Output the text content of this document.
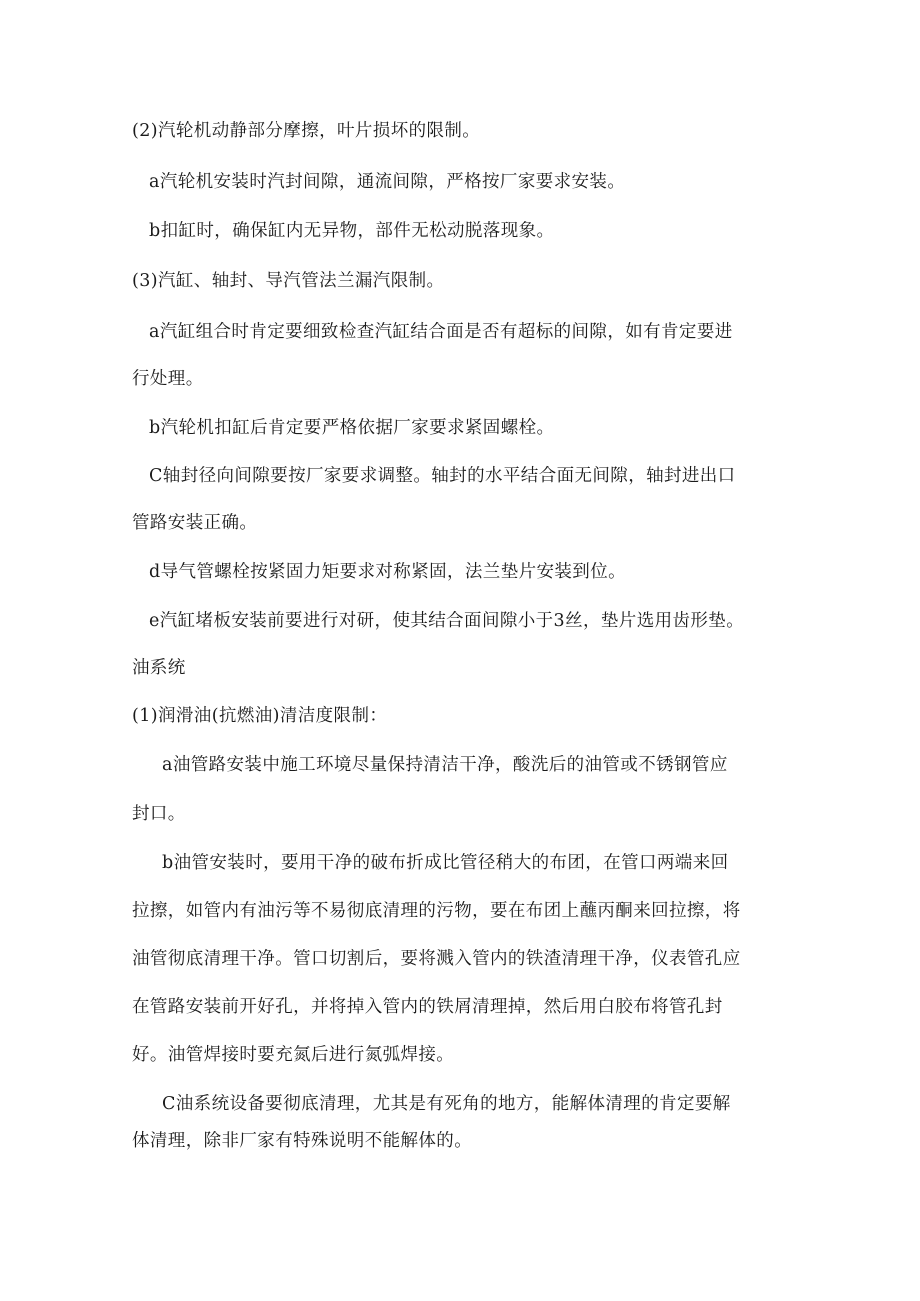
(2)汽轮机动静部分摩擦，叶片损坏的限制。

a汽轮机安装时汽封间隙，通流间隙，严格按厂家要求安装。

b扣缸时，确保缸内无异物，部件无松动脱落现象。

(3)汽缸、轴封、导汽管法兰漏汽限制。

a汽缸组合时肯定要细致检查汽缸结合面是否有超标的间隙，如有肯定要进

行处理。

b汽轮机扣缸后肯定要严格依据厂家要求紧固螺栓。

C轴封径向间隙要按厂家要求调整。轴封的水平结合面无间隙，轴封进出口

管路安装正确。

d导气管螺栓按紧固力矩要求对称紧固，法兰垫片安装到位。

e汽缸堵板安装前要进行对研，使其结合面间隙小于3丝，垫片选用齿形垫。

油系统

(1)润滑油(抗燃油)清洁度限制：

a油管路安装中施工环境尽量保持清洁干净，酸洗后的油管或不锈钢管应

封口。

b油管安装时，要用干净的破布折成比管径稍大的布团，在管口两端来回

拉擦，如管内有油污等不易彻底清理的污物，要在布团上蘸丙酮来回拉擦，将

油管彻底清理干净。管口切割后，要将溅入管内的铁渣清理干净，仪表管孔应

在管路安装前开好孔，并将掉入管内的铁屑清理掉，然后用白胶布将管孔封

好。油管焊接时要充氮后进行氮弧焊接。

C油系统设备要彻底清理，尤其是有死角的地方，能解体清理的肯定要解

体清理，除非厂家有特殊说明不能解体的。
